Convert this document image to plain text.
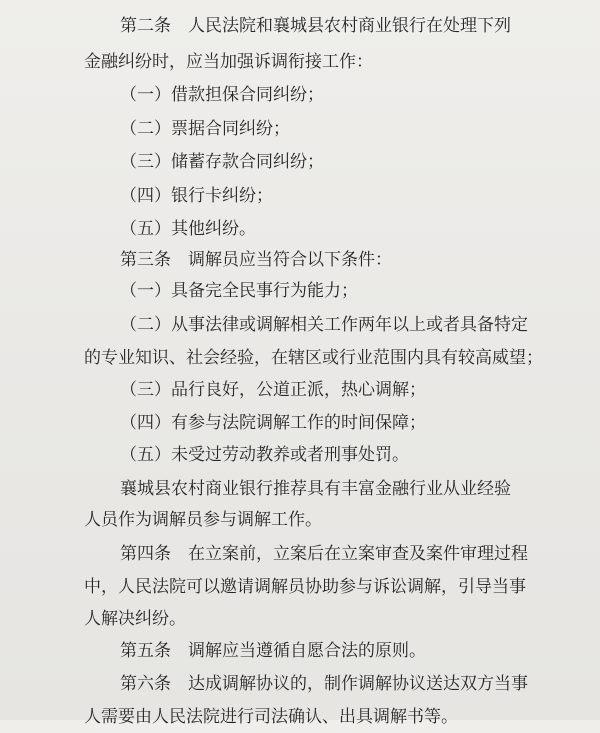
第二条　人民法院和襄城县农村商业银行在处理下列
金融纠纷时，应当加强诉调衔接工作：
（一）借款担保合同纠纷；
（二）票据合同纠纷；
（三）储蓄存款合同纠纷；
（四）银行卡纠纷；
（五）其他纠纷。
第三条　调解员应当符合以下条件：
（一）具备完全民事行为能力；
（二）从事法律或调解相关工作两年以上或者具备特定
的专业知识、社会经验，在辖区或行业范围内具有较高威望；
（三）品行良好，公道正派，热心调解；
（四）有参与法院调解工作的时间保障；
（五）未受过劳动教养或者刑事处罚。
襄城县农村商业银行推荐具有丰富金融行业从业经验
人员作为调解员参与调解工作。
第四条　在立案前，立案后在立案审查及案件审理过程
中，人民法院可以邀请调解员协助参与诉讼调解，引导当事
人解决纠纷。
第五条　调解应当遵循自愿合法的原则。
第六条　达成调解协议的，制作调解协议送达双方当事
人需要由人民法院进行司法确认、出具调解书等。
